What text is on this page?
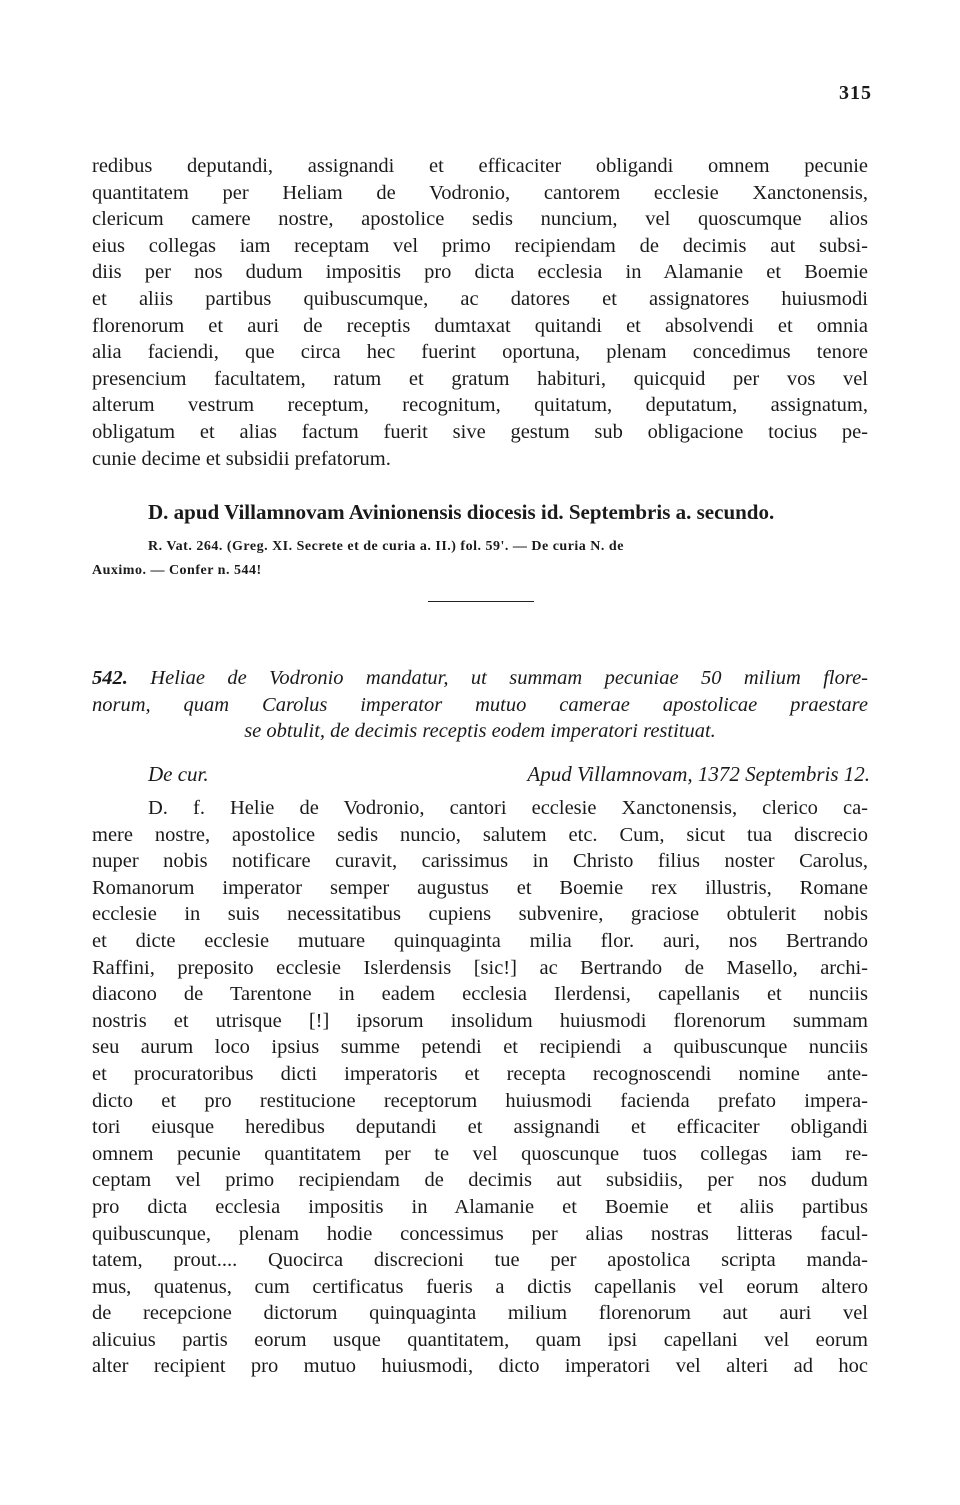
315
redibus deputandi, assignandi et efficaciter obligandi omnem pecunie
quantitatem per Heliam de Vodronio, cantorem ecclesie Xanctonensis,
clericum camere nostre, apostolice sedis nuncium, vel quoscumque alios
eius collegas iam receptam vel primo recipiendam de decimis aut subsi-
diis per nos dudum impositis pro dicta ecclesia in Alamanie et Boemie
et aliis partibus quibuscumque, ac datores et assignatores huiusmodi
florenorum et auri de receptis dumtaxat quitandi et absolvendi et omnia
alia faciendi, que circa hec fuerint oportuna, plenam concedimus tenore
presencium facultatem, ratum et gratum habituri, quicquid per vos vel
alterum vestrum receptum, recognitum, quitatum, deputatum, assignatum,
obligatum et alias factum fuerit sive gestum sub obligacione tocius pe-
cunie decime et subsidii prefatorum.
D. apud Villamnovam Avinionensis diocesis id. Septembris a. secundo.
R. Vat. 264. (Greg. XI. Secrete et de curia a. II.) fol. 59'. — De curia N. de
Auximo. — Confer n. 544!
542. Heliae de Vodronio mandatur, ut summam pecuniae 50 milium flore-
norum, quam Carolus imperator mutuo camerae apostolicae praestare
se obtulit, de decimis receptis eodem imperatori restituat.
De cur.	Apud Villamnovam, 1372 Septembris 12.
D. f. Helie de Vodronio, cantori ecclesie Xanctonensis, clerico ca-
mere nostre, apostolice sedis nuncio, salutem etc. Cum, sicut tua discrecio
nuper nobis notificare curavit, carissimus in Christo filius noster Carolus,
Romanorum imperator semper augustus et Boemie rex illustris, Romane
ecclesie in suis necessitatibus cupiens subvenire, graciose obtulerit nobis
et dicte ecclesie mutuare quinquaginta milia flor. auri, nos Bertrando
Raffini, preposito ecclesie Islerdensis [sic!] ac Bertrando de Masello, archi-
diacono de Tarentone in eadem ecclesia Ilerdensi, capellanis et nunciis
nostris et utrisque [!] ipsorum insolidum huiusmodi florenorum summam
seu aurum loco ipsius summe petendi et recipiendi a quibuscunque nunciis
et procuratoribus dicti imperatoris et recepta recognoscendi nomine ante-
dicto et pro restitucione receptorum huiusmodi facienda prefato impera-
tori eiusque heredibus deputandi et assignandi et efficaciter obligandi
omnem pecunie quantitatem per te vel quoscunque tuos collegas iam re-
ceptam vel primo recipiendam de decimis aut subsidiis, per nos dudum
pro dicta ecclesia impositis in Alamanie et Boemie et aliis partibus
quibuscunque, plenam hodie concessimus per alias nostras litteras facul-
tatem, prout.... Quocirca discrecioni tue per apostolica scripta manda-
mus, quatenus, cum certificatus fueris a dictis capellanis vel eorum altero
de recepcione dictorum quinquaginta milium florenorum aut auri vel
alicuius partis eorum usque quantitatem, quam ipsi capellani vel eorum
alter recipient pro mutuo huiusmodi, dicto imperatori vel alteri ad hoc
